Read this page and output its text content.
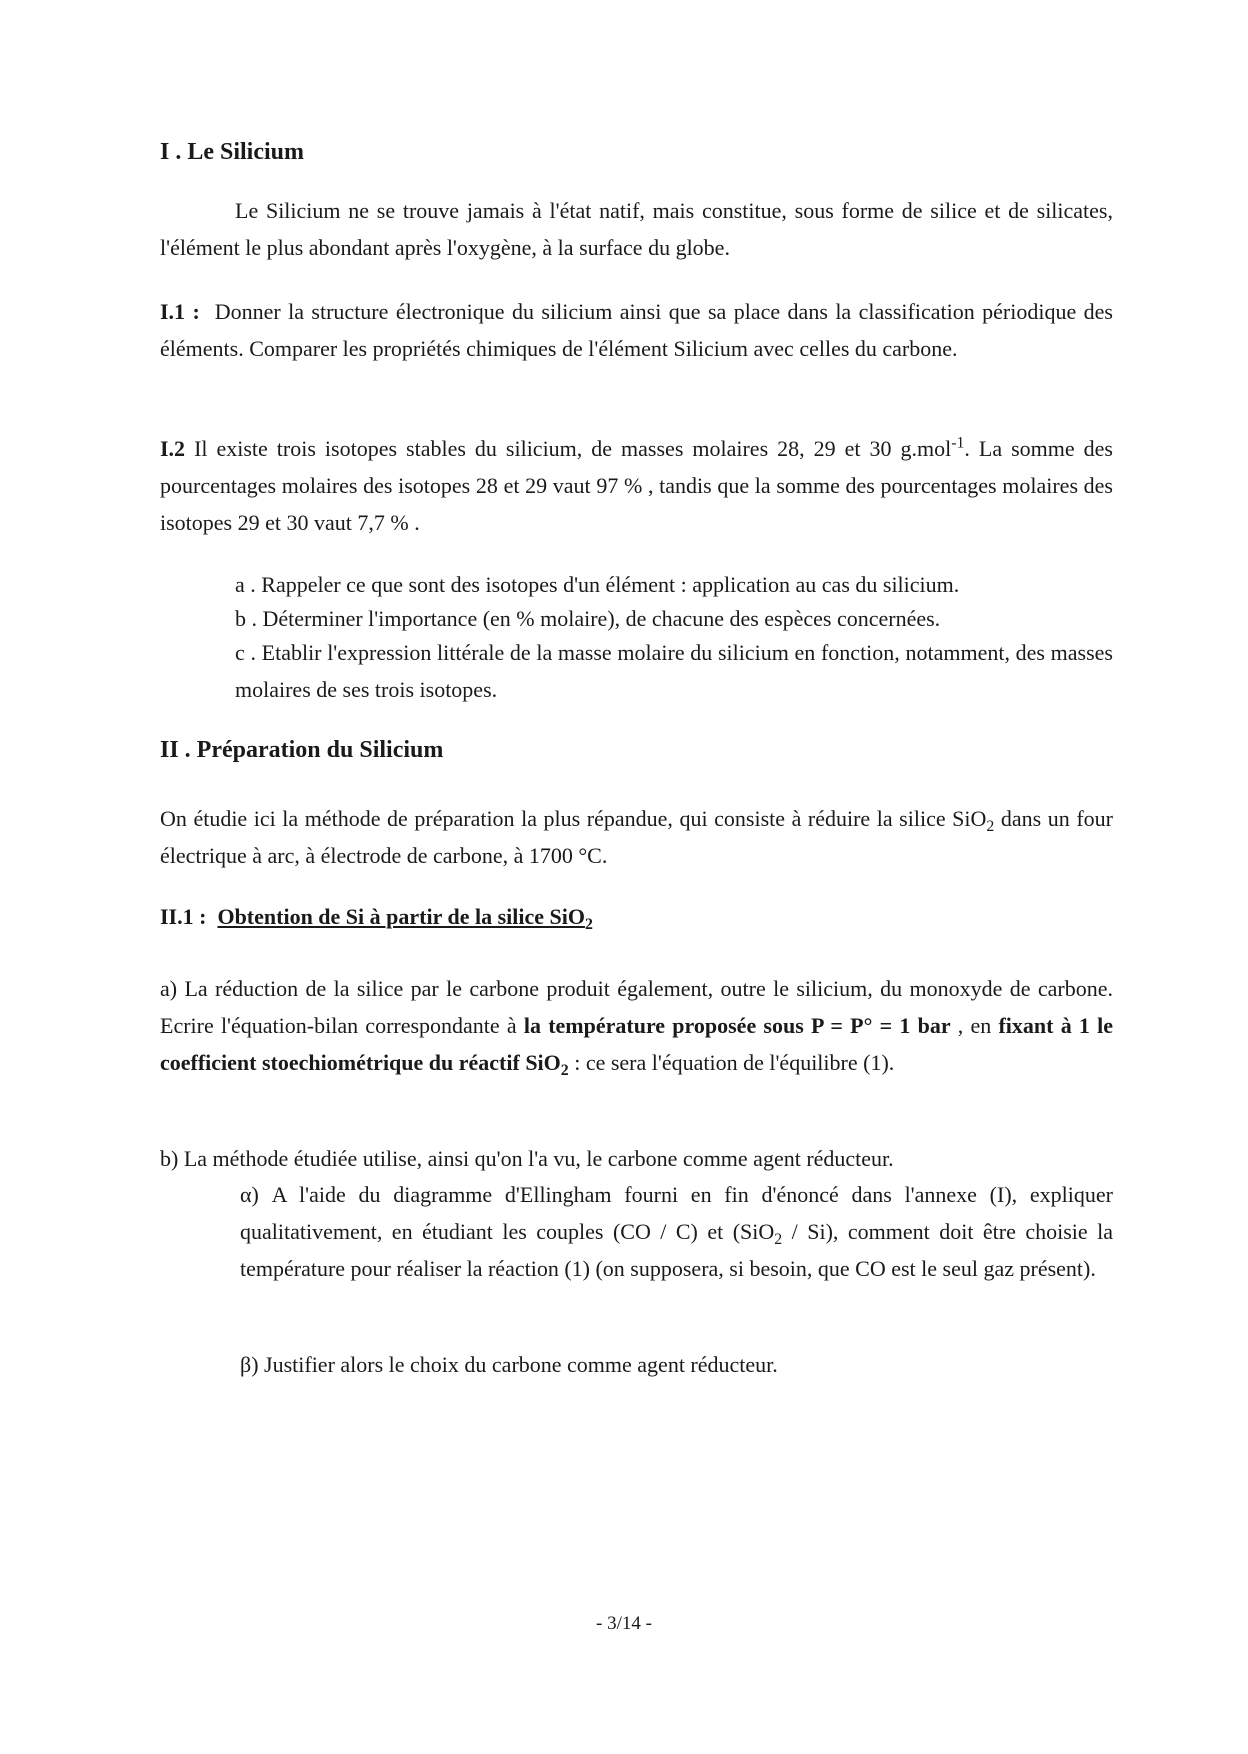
I . Le Silicium

Le Silicium ne se trouve jamais à l'état natif, mais constitue, sous forme de silice et de silicates, l'élément le plus abondant après l'oxygène, à la surface du globe.

I.1 : Donner la structure électronique du silicium ainsi que sa place dans la classification périodique des éléments. Comparer les propriétés chimiques de l'élément Silicium avec celles du carbone.

I.2 Il existe trois isotopes stables du silicium, de masses molaires 28, 29 et 30 g.mol$^{-1}$. La somme des pourcentages molaires des isotopes 28 et 29 vaut 97 % , tandis que la somme des pourcentages molaires des isotopes 29 et 30 vaut 7,7 % .

a . Rappeler ce que sont des isotopes d'un élément : application au cas du silicium.

b . Déterminer l'importance (en % molaire), de chacune des espèces concernées.

c . Etablir l'expression littérale de la masse molaire du silicium en fonction, notamment, des masses molaires de ses trois isotopes.

II . Préparation du Silicium

On étudie ici la méthode de préparation la plus répandue, qui consiste à réduire la silice SiO$_2$ dans un four électrique à arc, à électrode de carbone, à 1700 °C.

II.1 : Obtention de Si à partir de la silice SiO$_2$

a) La réduction de la silice par le carbone produit également, outre le silicium, du monoxyde de carbone. Ecrire l'équation-bilan correspondante à la température proposée sous P = P° = 1 bar , en fixant à 1 le coefficient stoechiométrique du réactif SiO$_2$ : ce sera l'équation de l'équilibre (1).

b) La méthode étudiée utilise, ainsi qu'on l'a vu, le carbone comme agent réducteur.

α) A l'aide du diagramme d'Ellingham fourni en fin d'énoncé dans l'annexe (I), expliquer qualitativement, en étudiant les couples (CO / C) et (SiO$_2$ / Si), comment doit être choisie la température pour réaliser la réaction (1) (on supposera, si besoin, que CO est le seul gaz présent).

β) Justifier alors le choix du carbone comme agent réducteur.

- 3/14 -
